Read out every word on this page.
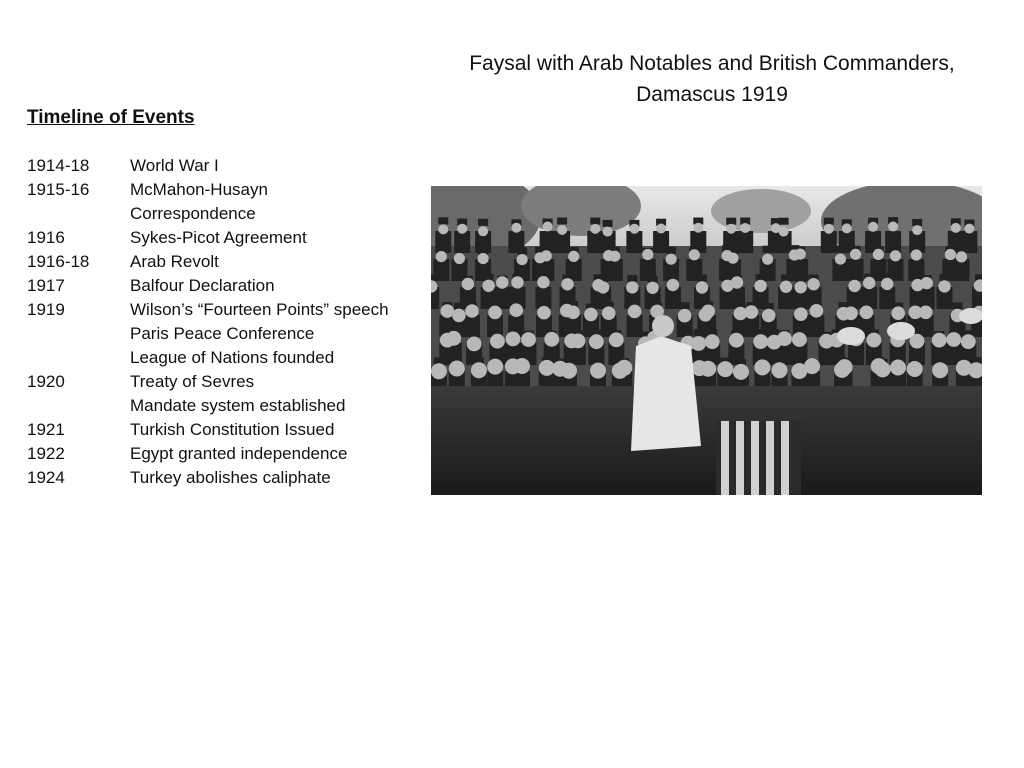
Faysal with Arab Notables and British Commanders,
Damascus 1919
Timeline of Events
1914-18	World War I
1915-16	McMahon-Husayn
Correspondence
1916	Sykes-Picot Agreement
1916-18	Arab Revolt
1917	Balfour Declaration
1919	Wilson’s “Fourteen Points” speech
Paris Peace Conference
League of Nations founded
1920	Treaty of Sevres
Mandate system established
1921	Turkish Constitution Issued
1922	Egypt granted independence
1924	Turkey abolishes caliphate
